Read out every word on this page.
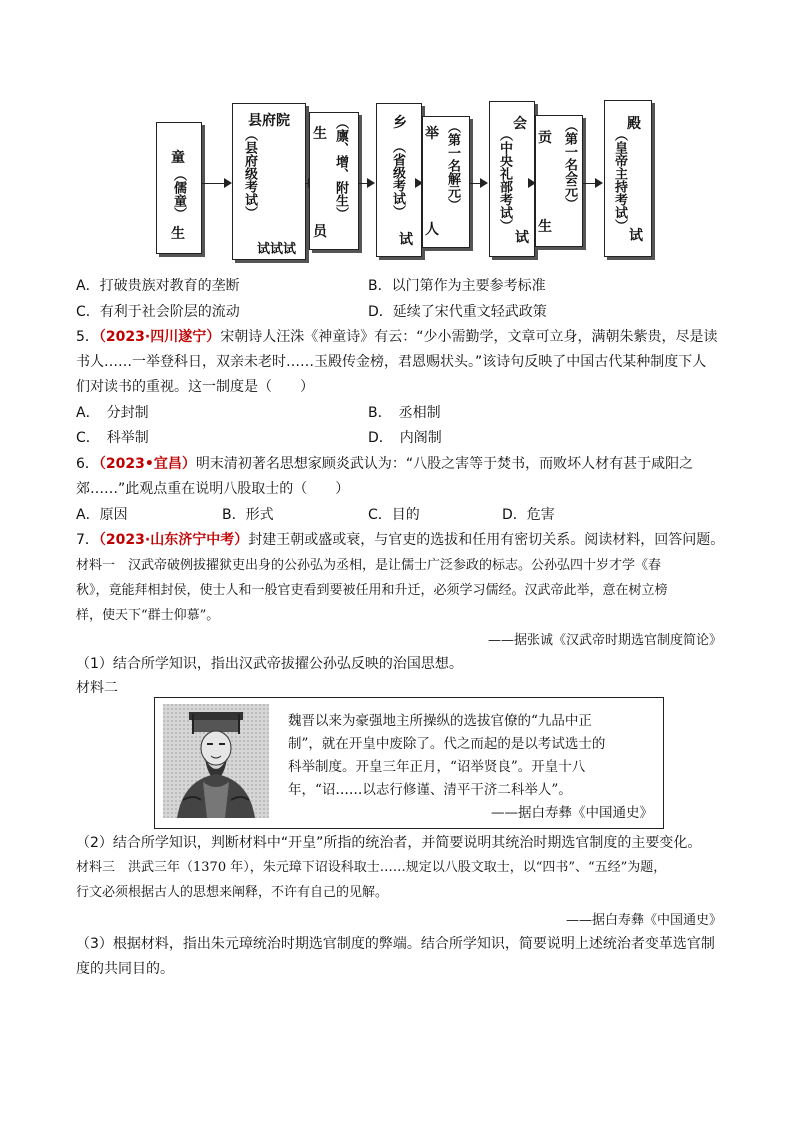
童
（儒童）
生
县府院
（县府级考试）
试试试
生 （廪、增、附生）
员
乡
（省级考试）
试
举 （第一名解元）
人
会
（中央礼部考试）
试
贡 （第一名会元）
生
殿
（皇帝主持考试）
试
A．打破贵族对教育的垄断	B．以门第作为主要参考标准
C．有利于社会阶层的流动	D．延续了宋代重文轻武政策
5．（2023·四川遂宁）宋朝诗人汪洙《神童诗》有云：“少小需勤学，文章可立身，满朝朱紫贵，尽是读
书人……一举登科日，双亲未老时……玉殿传金榜，君恩赐状头。”该诗句反映了中国古代某种制度下人
们对读书的重视。这一制度是（　　）
A．　分封制	B．　丞相制
C．　科举制	D．　内阁制
6．（2023•宜昌）明末清初著名思想家顾炎武认为：“八股之害等于焚书，而败坏人材有甚于咸阳之
郊……”此观点重在说明八股取士的（　　）
A．原因	B．形式	C．目的	D．危害
7．（2023·山东济宁中考）封建王朝或盛或衰，与官吏的选拔和任用有密切关系。阅读材料，回答问题。
材料一　汉武帝破例拔擢狱吏出身的公孙弘为丞相，是让儒士广泛参政的标志。公孙弘四十岁才学《春
秋》，竟能拜相封侯，使士人和一般官吏看到要被任用和升迁，必须学习儒经。汉武帝此举，意在树立榜
样，使天下“群士仰慕”。
——据张诚《汉武帝时期选官制度简论》
（1）结合所学知识，指出汉武帝拔擢公孙弘反映的治国思想。
材料二
魏晋以来为豪强地主所操纵的选拔官僚的“九品中正
制”，就在开皇中废除了。代之而起的是以考试选士的
科举制度。开皇三年正月，“诏举贤良”。开皇十八
年，“诏……以志行修谨、清平干济二科举人”。
——据白寿彝《中国通史》
（2）结合所学知识，判断材料中“开皇”所指的统治者，并简要说明其统治时期选官制度的主要变化。
材料三　洪武三年（1370 年），朱元璋下诏设科取士……规定以八股文取士，以“四书”、“五经”为题，
行文必须根据古人的思想来阐释，不许有自己的见解。
——据白寿彝《中国通史》
（3）根据材料，指出朱元璋统治时期选官制度的弊端。结合所学知识，简要说明上述统治者变革选官制
度的共同目的。
